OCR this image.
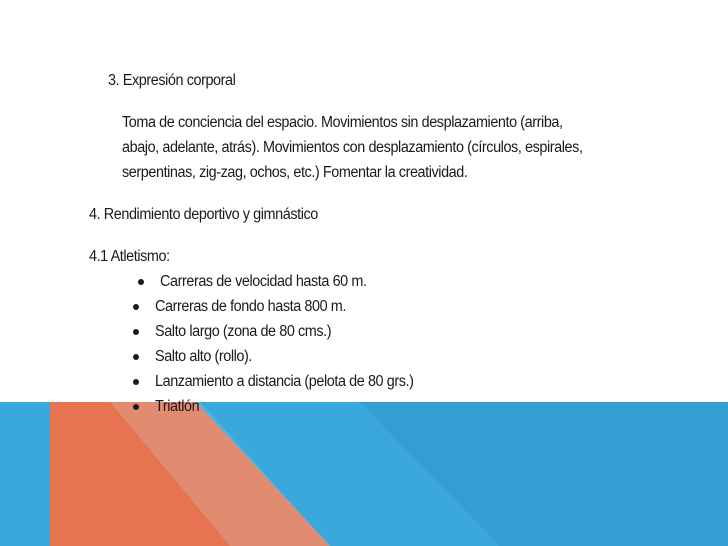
3. Expresión corporal
Toma de conciencia del espacio. Movimientos sin desplazamiento (arriba,
abajo, adelante, atrás). Movimientos con desplazamiento (círculos, espirales,
serpentinas, zig-zag, ochos, etc.) Fomentar la creatividad.
4. Rendimiento deportivo y gimnástico
4.1 Atletismo:
Carreras de velocidad hasta 60 m.
Carreras de fondo hasta 800 m.
Salto largo (zona de 80 cms.)
Salto alto (rollo).
Lanzamiento a distancia (pelota de 80 grs.)
Triatlón
